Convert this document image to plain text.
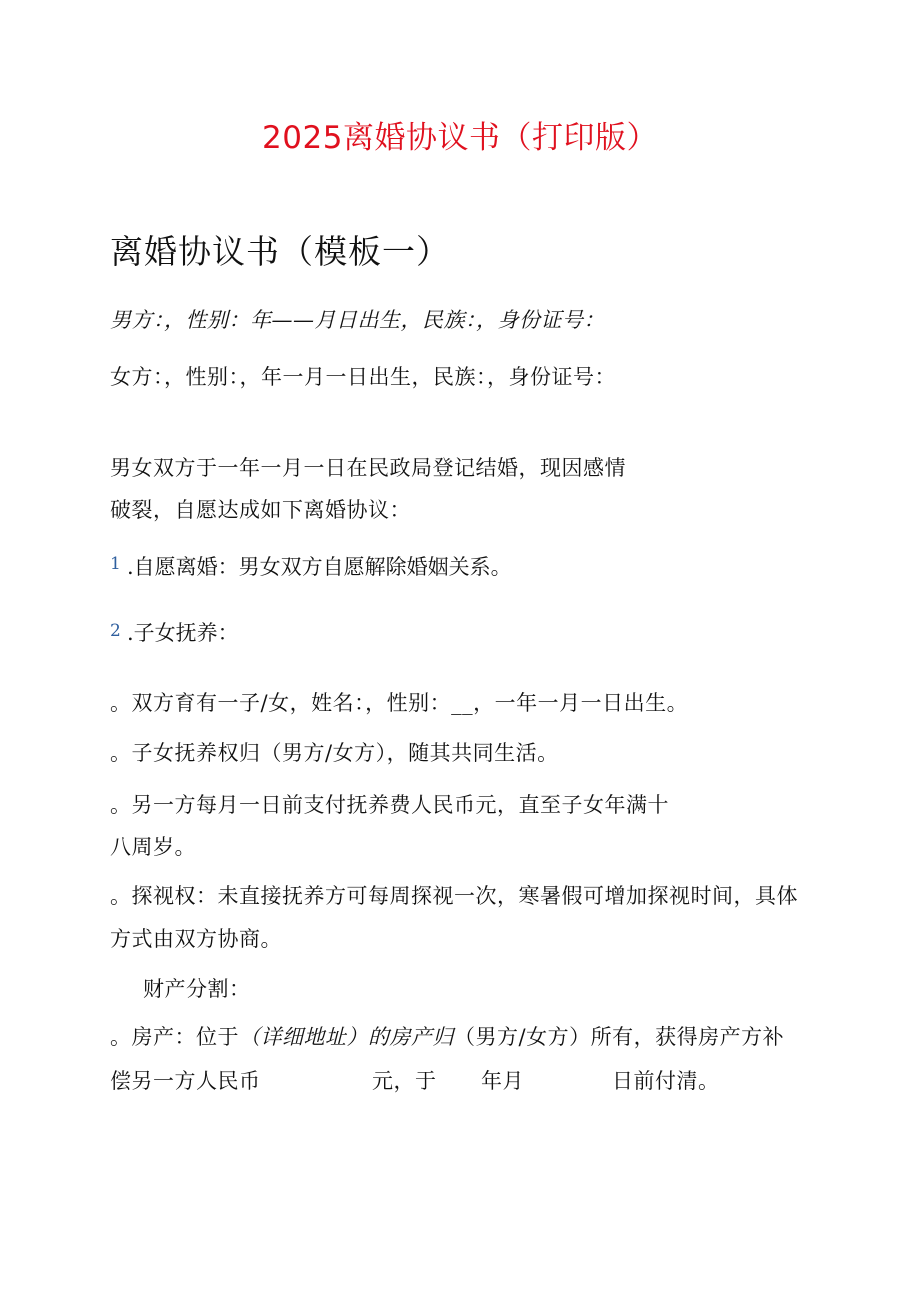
2025离婚协议书（打印版）
离婚协议书（模板一）
男方：，性别：年——月日出生，民族：，身份证号：
女方：，性别：，年一月一日出生，民族：，身份证号：
男女双方于一年一月一日在民政局登记结婚，现因感情
破裂，自愿达成如下离婚协议：
1 .自愿离婚：男女双方自愿解除婚姻关系。
2 .子女抚养：
。双方育有一子/女，姓名：，性别：__，一年一月一日出生。
。子女抚养权归（男方/女方），随其共同生活。
。另一方每月一日前支付抚养费人民币元，直至子女年满十
八周岁。
。探视权：未直接抚养方可每周探视一次，寒暑假可增加探视时间，具体
方式由双方协商。
财产分割：
。房产：位于（详细地址）的房产归（男方/女方）所有，获得房产方补
偿另一方人民币	元，于 年月	日前付清。
